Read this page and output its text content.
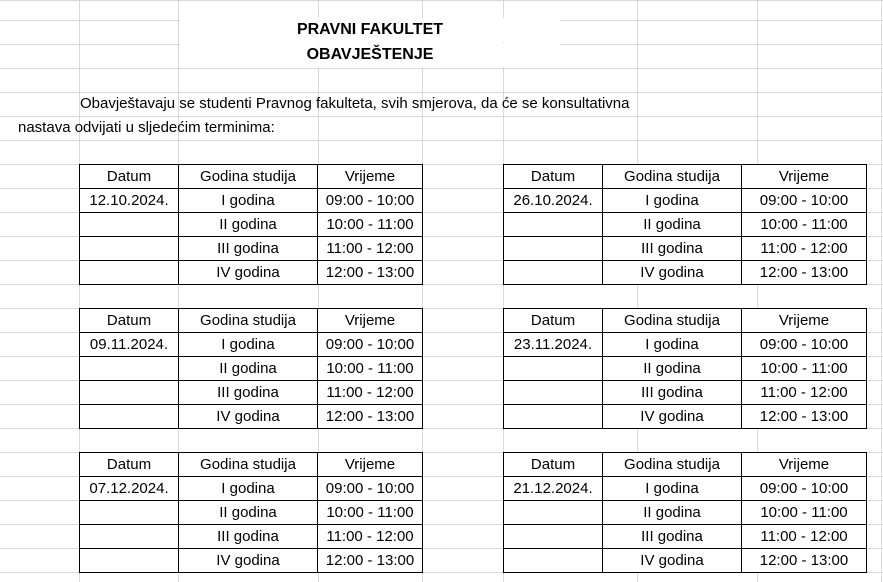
PRAVNI FAKULTET
OBAVJEŠTENJE
Obavještavaju se studenti Pravnog fakulteta, svih smjerova, da će se konsultativna
nastava odvijati u sljedećim terminima:
Datum	Godina studija	Vrijeme
12.10.2024.	I godina	09:00 - 10:00
	II godina	10:00 - 11:00
	III godina	11:00 - 12:00
	IV godina	12:00 - 13:00
Datum	Godina studija	Vrijeme
26.10.2024.	I godina	09:00 - 10:00
	II godina	10:00 - 11:00
	III godina	11:00 - 12:00
	IV godina	12:00 - 13:00
Datum	Godina studija	Vrijeme
09.11.2024.	I godina	09:00 - 10:00
	II godina	10:00 - 11:00
	III godina	11:00 - 12:00
	IV godina	12:00 - 13:00
Datum	Godina studija	Vrijeme
23.11.2024.	I godina	09:00 - 10:00
	II godina	10:00 - 11:00
	III godina	11:00 - 12:00
	IV godina	12:00 - 13:00
Datum	Godina studija	Vrijeme
07.12.2024.	I godina	09:00 - 10:00
	II godina	10:00 - 11:00
	III godina	11:00 - 12:00
	IV godina	12:00 - 13:00
Datum	Godina studija	Vrijeme
21.12.2024.	I godina	09:00 - 10:00
	II godina	10:00 - 11:00
	III godina	11:00 - 12:00
	IV godina	12:00 - 13:00
